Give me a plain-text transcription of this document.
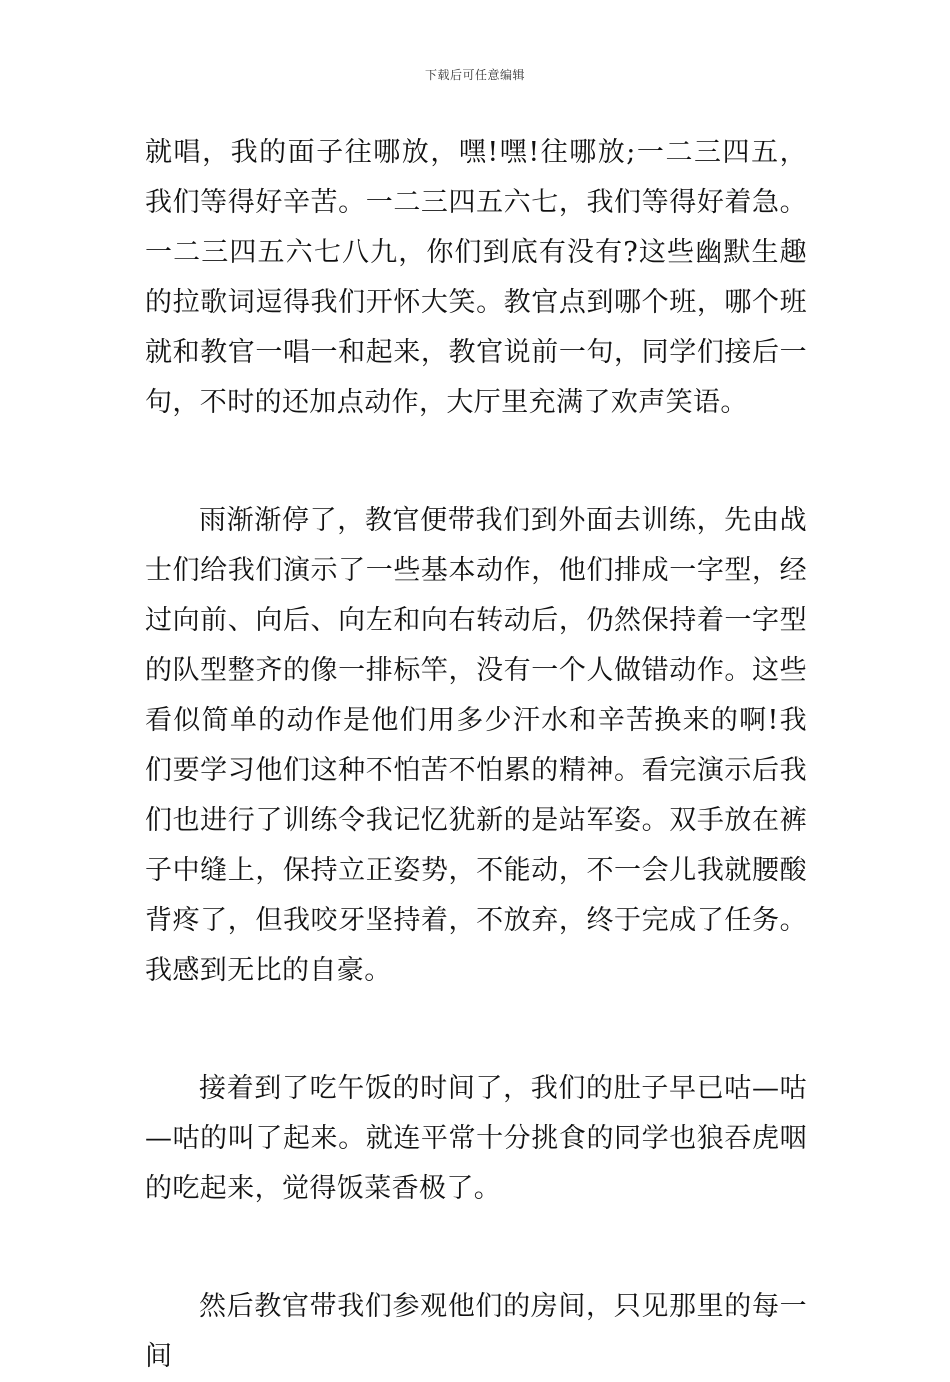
下载后可任意编辑

就唱，我的面子往哪放，嘿!嘿!往哪放;一二三四五，我们等得好辛苦。一二三四五六七，我们等得好着急。一二三四五六七八九，你们到底有没有?这些幽默生趣的拉歌词逗得我们开怀大笑。教官点到哪个班，哪个班就和教官一唱一和起来，教官说前一句，同学们接后一句，不时的还加点动作，大厅里充满了欢声笑语。

雨渐渐停了，教官便带我们到外面去训练，先由战士们给我们演示了一些基本动作，他们排成一字型，经过向前、向后、向左和向右转动后，仍然保持着一字型的队型整齐的像一排标竿，没有一个人做错动作。这些看似简单的动作是他们用多少汗水和辛苦换来的啊!我们要学习他们这种不怕苦不怕累的精神。看完演示后我们也进行了训练令我记忆犹新的是站军姿。双手放在裤子中缝上，保持立正姿势，不能动，不一会儿我就腰酸背疼了，但我咬牙坚持着，不放弃，终于完成了任务。我感到无比的自豪。

接着到了吃午饭的时间了，我们的肚子早已咕—咕—咕的叫了起来。就连平常十分挑食的同学也狼吞虎咽的吃起来，觉得饭菜香极了。

然后教官带我们参观他们的房间，只见那里的每一间
